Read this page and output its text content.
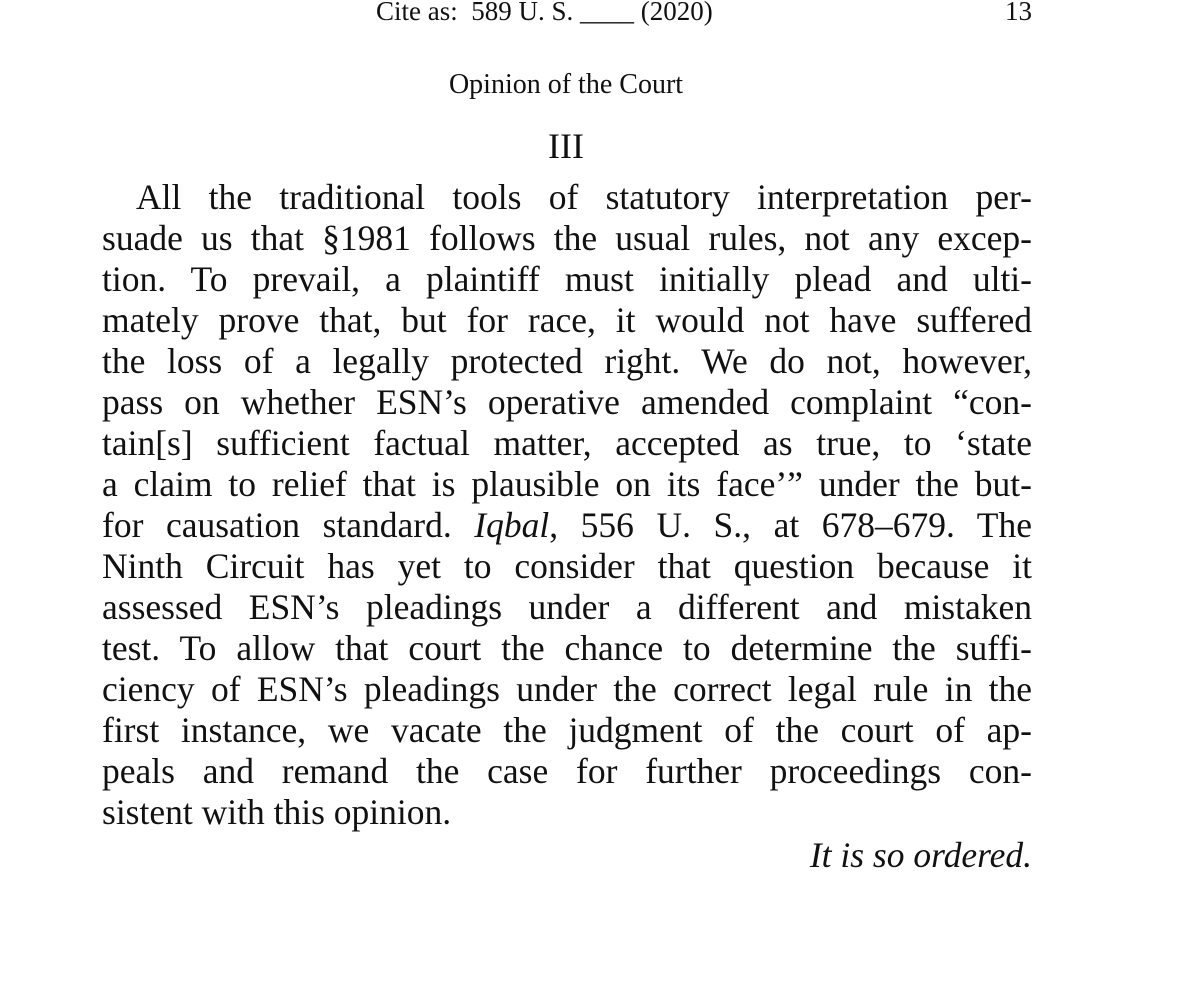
Cite as:  589 U. S. ____ (2020)	13
Opinion of the Court
III
All the traditional tools of statutory interpretation per-
suade us that §1981 follows the usual rules, not any excep-
tion. To prevail, a plaintiff must initially plead and ulti-
mately prove that, but for race, it would not have suffered
the loss of a legally protected right. We do not, however,
pass on whether ESN’s operative amended complaint “con-
tain[s] sufficient factual matter, accepted as true, to ‘state
a claim to relief that is plausible on its face’” under the but-
for causation standard. Iqbal, 556 U. S., at 678–679. The
Ninth Circuit has yet to consider that question because it
assessed ESN’s pleadings under a different and mistaken
test. To allow that court the chance to determine the suffi-
ciency of ESN’s pleadings under the correct legal rule in the
first instance, we vacate the judgment of the court of ap-
peals and remand the case for further proceedings con-
sistent with this opinion.
It is so ordered.
